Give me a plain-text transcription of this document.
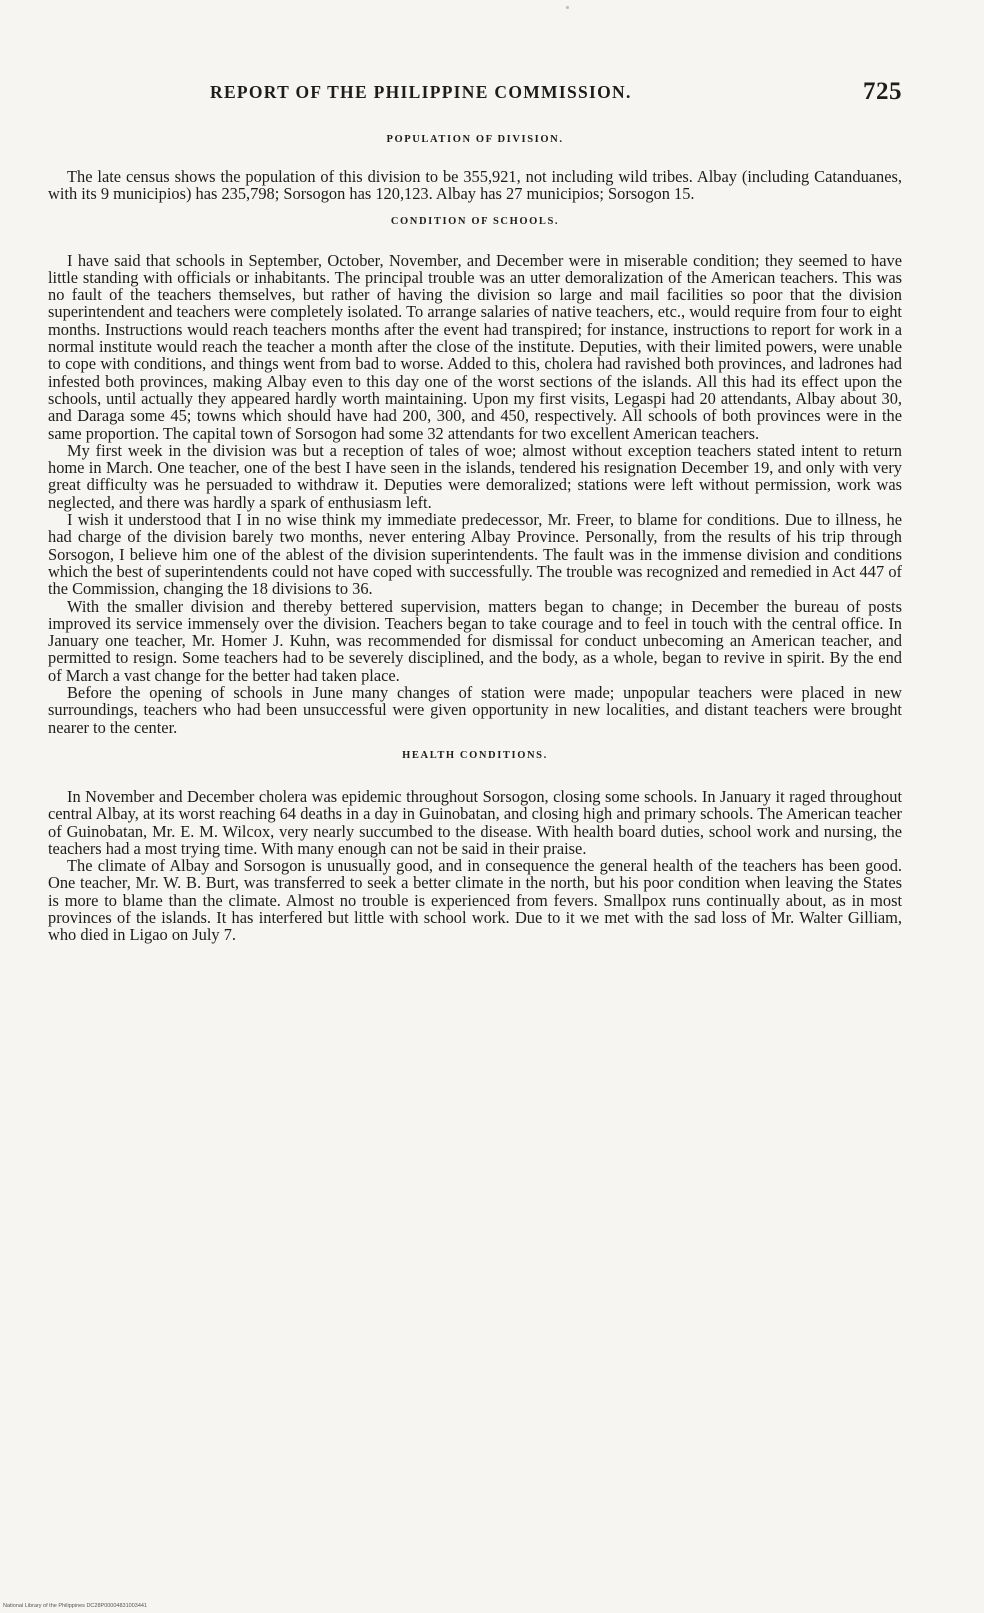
REPORT OF THE PHILIPPINE COMMISSION.	725
POPULATION OF DIVISION.

The late census shows the population of this division to be 355,921, not including wild tribes. Albay (including Catanduanes, with its 9 municipios) has 235,798; Sorsogon has 120,123. Albay has 27 municipios; Sorsogon 15.

CONDITION OF SCHOOLS.

I have said that schools in September, October, November, and December were in miserable condition; they seemed to have little standing with officials or inhabitants. The principal trouble was an utter demoralization of the American teachers. This was no fault of the teachers themselves, but rather of having the division so large and mail facilities so poor that the division superintendent and teachers were completely isolated. To arrange salaries of native teachers, etc., would require from four to eight months. Instructions would reach teachers months after the event had transpired; for instance, instructions to report for work in a normal institute would reach the teacher a month after the close of the institute. Deputies, with their limited powers, were unable to cope with conditions, and things went from bad to worse. Added to this, cholera had ravished both provinces, and ladrones had infested both provinces, making Albay even to this day one of the worst sections of the islands. All this had its effect upon the schools, until actually they appeared hardly worth maintaining. Upon my first visits, Legaspi had 20 attendants, Albay about 30, and Daraga some 45; towns which should have had 200, 300, and 450, respectively. All schools of both provinces were in the same proportion. The capital town of Sorsogon had some 32 attendants for two excellent American teachers.

My first week in the division was but a reception of tales of woe; almost without exception teachers stated intent to return home in March. One teacher, one of the best I have seen in the islands, tendered his resignation December 19, and only with very great difficulty was he persuaded to withdraw it. Deputies were demoralized; stations were left without permission, work was neglected, and there was hardly a spark of enthusiasm left.

I wish it understood that I in no wise think my immediate predecessor, Mr. Freer, to blame for conditions. Due to illness, he had charge of the division barely two months, never entering Albay Province. Personally, from the results of his trip through Sorsogon, I believe him one of the ablest of the division superintendents. The fault was in the immense division and conditions which the best of superintendents could not have coped with successfully. The trouble was recognized and remedied in Act 447 of the Commission, changing the 18 divisions to 36.

With the smaller division and thereby bettered supervision, matters began to change; in December the bureau of posts improved its service immensely over the division. Teachers began to take courage and to feel in touch with the central office. In January one teacher, Mr. Homer J. Kuhn, was recommended for dismissal for conduct unbecoming an American teacher, and permitted to resign. Some teachers had to be severely disciplined, and the body, as a whole, began to revive in spirit. By the end of March a vast change for the better had taken place.

Before the opening of schools in June many changes of station were made; unpopular teachers were placed in new surroundings, teachers who had been unsuccessful were given opportunity in new localities, and distant teachers were brought nearer to the center.

HEALTH CONDITIONS.

In November and December cholera was epidemic throughout Sorsogon, closing some schools. In January it raged throughout central Albay, at its worst reaching 64 deaths in a day in Guinobatan, and closing high and primary schools. The American teacher of Guinobatan, Mr. E. M. Wilcox, very nearly succumbed to the disease. With health board duties, school work and nursing, the teachers had a most trying time. With many enough can not be said in their praise.

The climate of Albay and Sorsogon is unusually good, and in consequence the general health of the teachers has been good. One teacher, Mr. W. B. Burt, was transferred to seek a better climate in the north, but his poor condition when leaving the States is more to blame than the climate. Almost no trouble is experienced from fevers. Smallpox runs continually about, as in most provinces of the islands. It has interfered but little with school work. Due to it we met with the sad loss of Mr. Walter Gilliam, who died in Ligao on July 7.

National Library of the Philippines DC28P00004831003441
